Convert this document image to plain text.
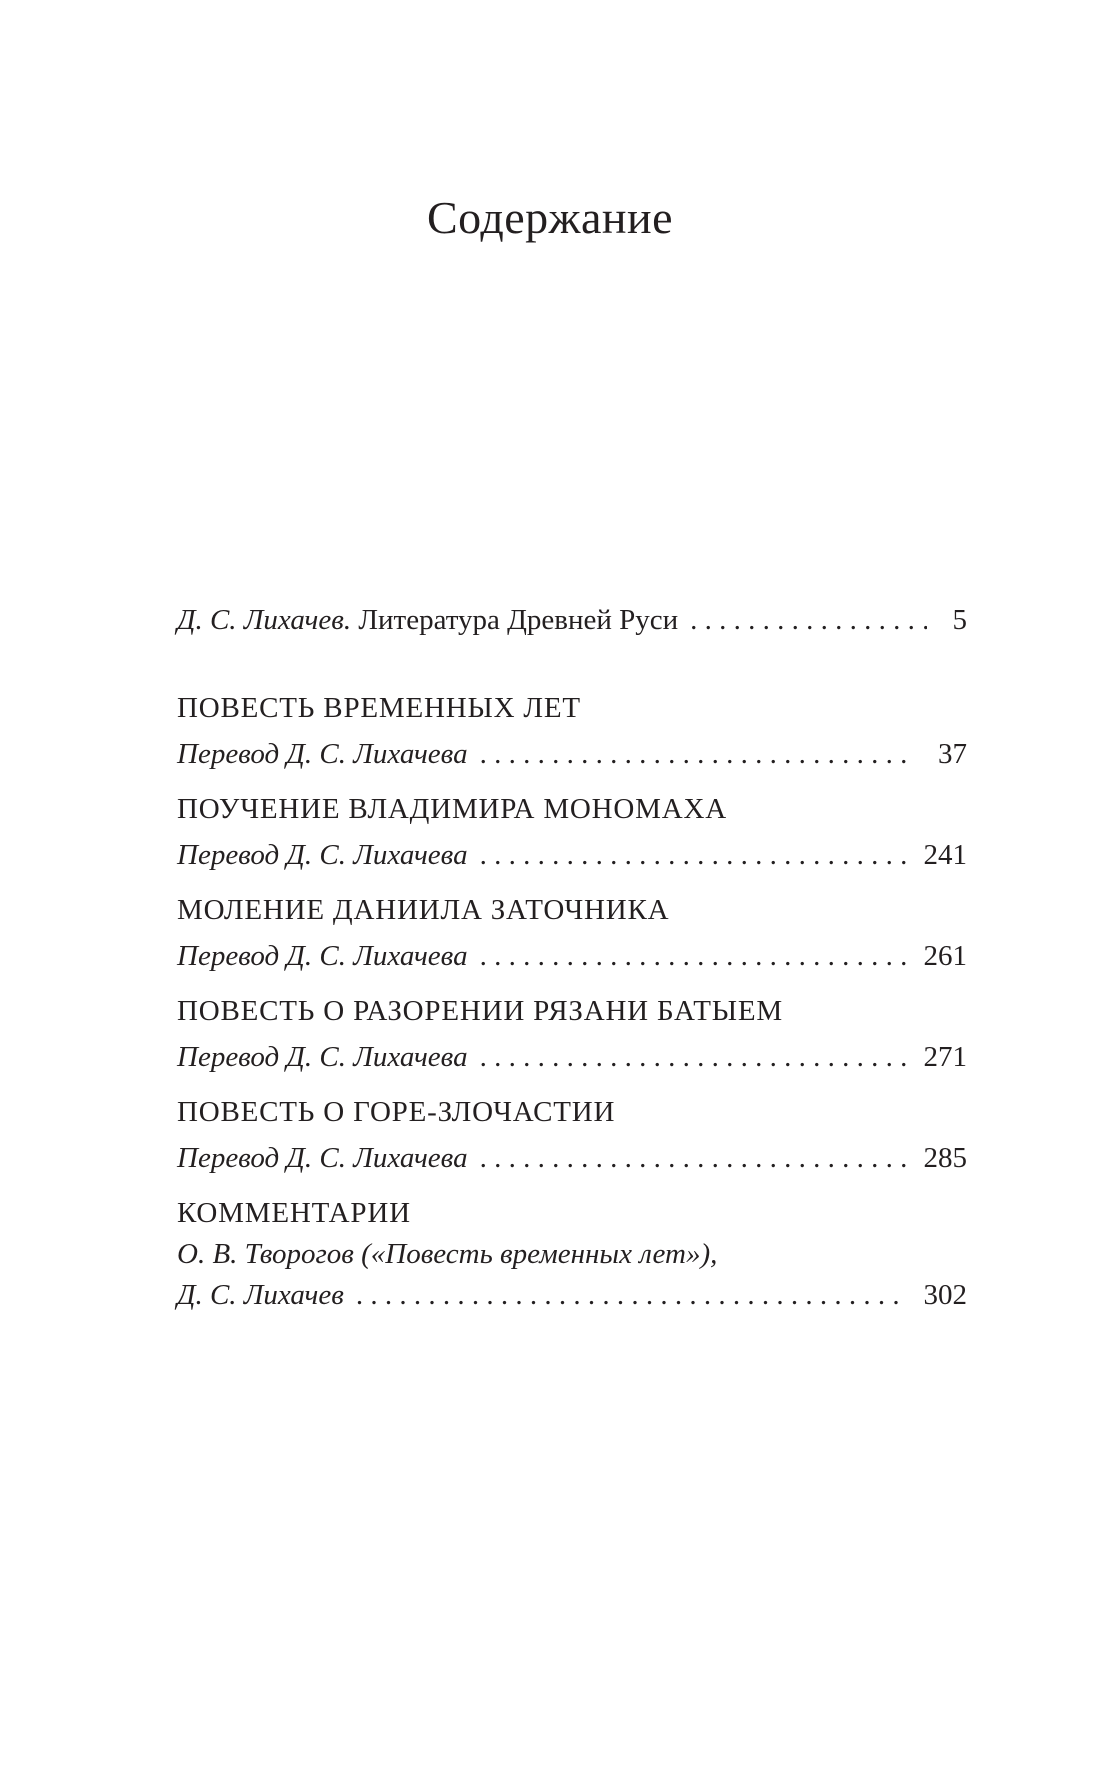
Содержание
Д. С. Лихачев. Литература Древней Руси . . .	5
ПОВЕСТЬ ВРЕМЕННЫХ ЛЕТ
Перевод Д. С. Лихачева . . .	37
ПОУЧЕНИЕ ВЛАДИМИРА МОНОМАХА
Перевод Д. С. Лихачева . . .	241
МОЛЕНИЕ ДАНИИЛА ЗАТОЧНИКА
Перевод Д. С. Лихачева . . .	261
ПОВЕСТЬ О РАЗОРЕНИИ РЯЗАНИ БАТЫЕМ
Перевод Д. С. Лихачева . . .	271
ПОВЕСТЬ О ГОРЕ-ЗЛОЧАСТИИ
Перевод Д. С. Лихачева . . .	285
КОММЕНТАРИИ
О. В. Творогов («Повесть временных лет»),
Д. С. Лихачев . . .	302
